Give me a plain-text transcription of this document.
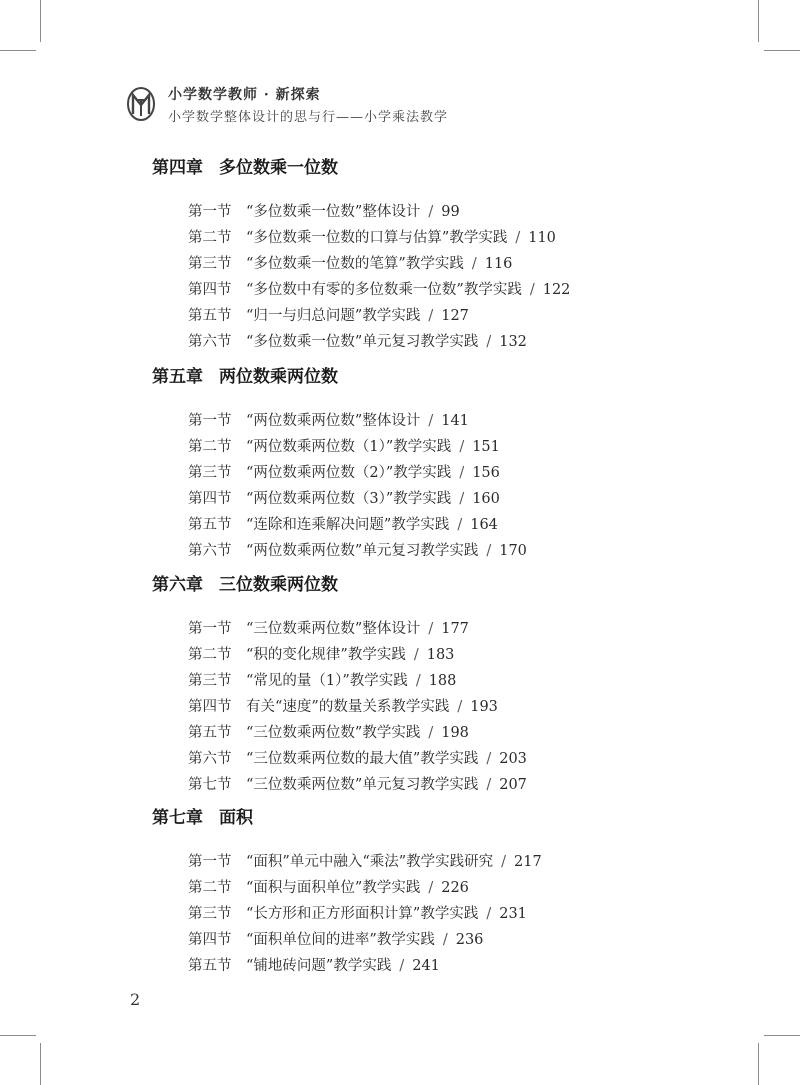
小学数学教师 · 新探索
小学数学整体设计的思与行——小学乘法教学
第四章 多位数乘一位数
第一节 “多位数乘一位数”整体设计 / 99
第二节 “多位数乘一位数的口算与估算”教学实践 / 110
第三节 “多位数乘一位数的笔算”教学实践 / 116
第四节 “多位数中有零的多位数乘一位数”教学实践 / 122
第五节 “归一与归总问题”教学实践 / 127
第六节 “多位数乘一位数”单元复习教学实践 / 132
第五章 两位数乘两位数
第一节 “两位数乘两位数”整体设计 / 141
第二节 “两位数乘两位数（1）”教学实践 / 151
第三节 “两位数乘两位数（2）”教学实践 / 156
第四节 “两位数乘两位数（3）”教学实践 / 160
第五节 “连除和连乘解决问题”教学实践 / 164
第六节 “两位数乘两位数”单元复习教学实践 / 170
第六章 三位数乘两位数
第一节 “三位数乘两位数”整体设计 / 177
第二节 “积的变化规律”教学实践 / 183
第三节 “常见的量（1）”教学实践 / 188
第四节 有关“速度”的数量关系教学实践 / 193
第五节 “三位数乘两位数”教学实践 / 198
第六节 “三位数乘两位数的最大值”教学实践 / 203
第七节 “三位数乘两位数”单元复习教学实践 / 207
第七章 面积
第一节 “面积”单元中融入“乘法”教学实践研究 / 217
第二节 “面积与面积单位”教学实践 / 226
第三节 “长方形和正方形面积计算”教学实践 / 231
第四节 “面积单位间的进率”教学实践 / 236
第五节 “铺地砖问题”教学实践 / 241
2
